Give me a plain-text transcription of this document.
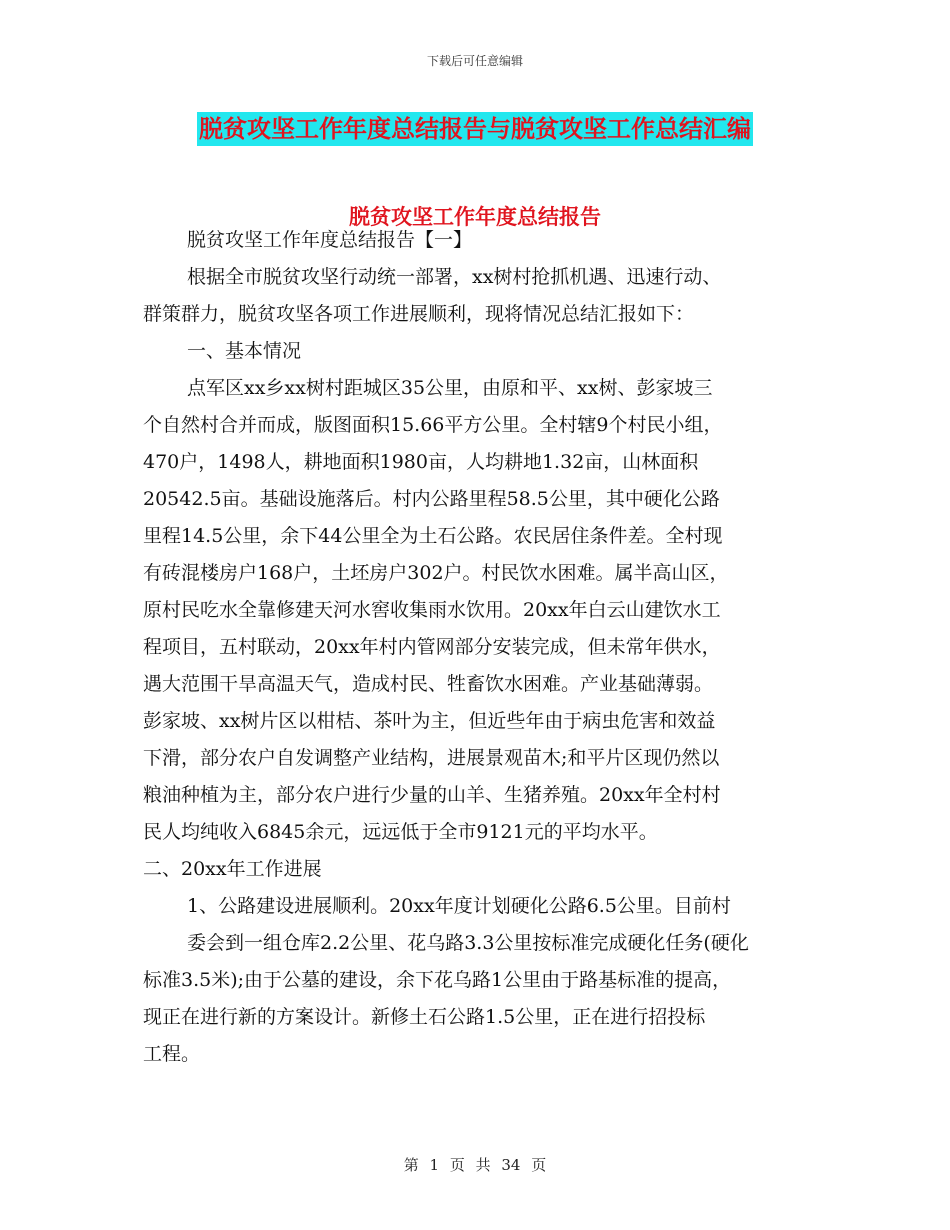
下载后可任意编辑
脱贫攻坚工作年度总结报告与脱贫攻坚工作总结汇编
脱贫攻坚工作年度总结报告
脱贫攻坚工作年度总结报告【一】
根据全市脱贫攻坚行动统一部署，xx树村抢抓机遇、迅速行动、
群策群力，脱贫攻坚各项工作进展顺利，现将情况总结汇报如下：
一、基本情况
点军区xx乡xx树村距城区35公里，由原和平、xx树、彭家坡三
个自然村合并而成，版图面积15.66平方公里。全村辖9个村民小组，
470户，1498人，耕地面积1980亩，人均耕地1.32亩，山林面积
20542.5亩。基础设施落后。村内公路里程58.5公里，其中硬化公路
里程14.5公里，余下44公里全为土石公路。农民居住条件差。全村现
有砖混楼房户168户，土坯房户302户。村民饮水困难。属半高山区，
原村民吃水全靠修建天河水窖收集雨水饮用。20xx年白云山建饮水工
程项目，五村联动，20xx年村内管网部分安装完成，但未常年供水，
遇大范围干旱高温天气，造成村民、牲畜饮水困难。产业基础薄弱。
彭家坡、xx树片区以柑桔、茶叶为主，但近些年由于病虫危害和效益
下滑，部分农户自发调整产业结构，进展景观苗木;和平片区现仍然以
粮油种植为主，部分农户进行少量的山羊、生猪养殖。20xx年全村村
民人均纯收入6845余元，远远低于全市9121元的平均水平。
二、20xx年工作进展
1、公路建设进展顺利。20xx年度计划硬化公路6.5公里。目前村
委会到一组仓库2.2公里、花乌路3.3公里按标准完成硬化任务(硬化
标准3.5米);由于公墓的建设，余下花乌路1公里由于路基标准的提高，
现正在进行新的方案设计。新修土石公路1.5公里，正在进行招投标
工程。
第 1 页 共 34 页
